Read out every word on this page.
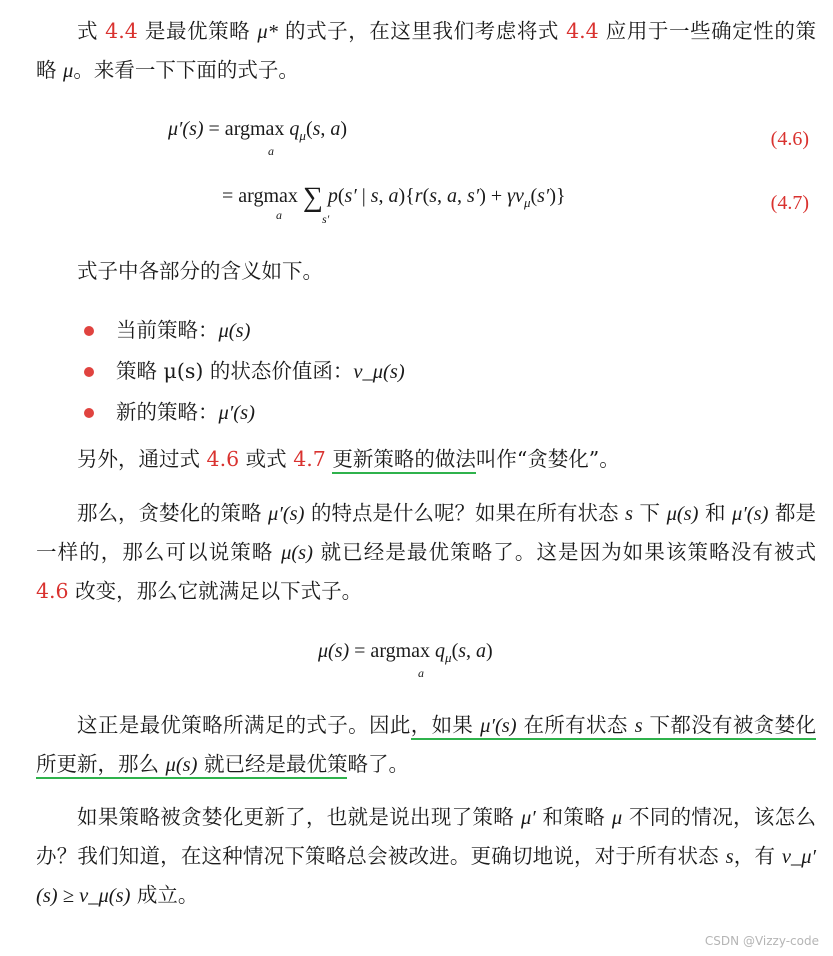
式 4.4 是最优策略 μ* 的式子，在这里我们考虑将式 4.4 应用于一些确定性的策略 μ。来看一下下面的式子。
μ′(s) = argmax $q_\mu(s$, a)
a
(4.6)
= argmax ∑ p(s′ | s, a){r(s, a, $s') + \gamma v_\mu(s')$}
a	s′
(4.7)
式子中各部分的含义如下。
当前策略：μ(s)
策略 μ(s) 的状态价值函：v_μ(s)
新的策略：μ′(s)
另外，通过式 4.6 或式 4.7 更新策略的做法叫作“贪婪化”。
那么，贪婪化的策略 μ′(s) 的特点是什么呢？如果在所有状态 s 下 μ(s) 和 μ′(s) 都是一样的，那么可以说策略 μ(s) 就已经是最优策略了。这是因为如果该策略没有被式 4.6 改变，那么它就满足以下式子。
μ(s) = argmax $q_\mu(s$, a)
a
这正是最优策略所满足的式子。因此，如果 μ′(s) 在所有状态 s 下都没有被贪婪化所更新，那么 μ(s) 就已经是最优策略了。
如果策略被贪婪化更新了，也就是说出现了策略 μ′ 和策略 μ 不同的情况，该怎么办？我们知道，在这种情况下策略总会被改进。更确切地说，对于所有状态 s，有 v_μ′(s) ≥ v_μ(s) 成立。
CSDN @Vizzy-code
